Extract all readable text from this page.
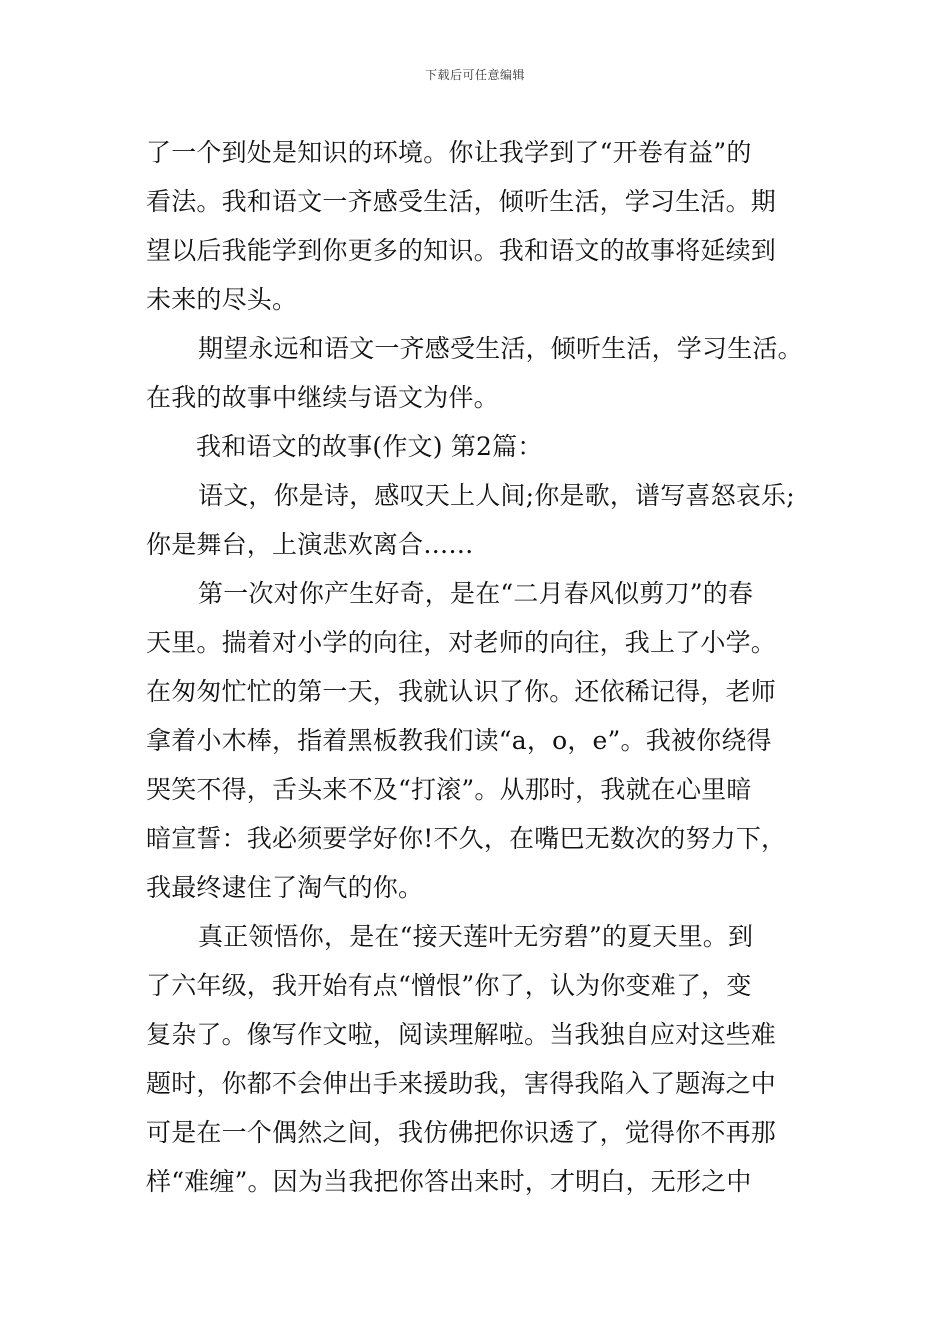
下载后可任意编辑
了一个到处是知识的环境。你让我学到了“开卷有益”的
看法。我和语文一齐感受生活，倾听生活，学习生活。期
望以后我能学到你更多的知识。我和语文的故事将延续到
未来的尽头。
期望永远和语文一齐感受生活，倾听生活，学习生活。
在我的故事中继续与语文为伴。
我和语文的故事(作文) 第2篇：
语文，你是诗，感叹天上人间;你是歌，谱写喜怒哀乐;
你是舞台，上演悲欢离合……
第一次对你产生好奇，是在“二月春风似剪刀”的春
天里。揣着对小学的向往，对老师的向往，我上了小学。
在匆匆忙忙的第一天，我就认识了你。还依稀记得，老师
拿着小木棒，指着黑板教我们读“a，o，e”。我被你绕得
哭笑不得，舌头来不及“打滚”。从那时，我就在心里暗
暗宣誓：我必须要学好你!不久，在嘴巴无数次的努力下，
我最终逮住了淘气的你。
真正领悟你，是在“接天莲叶无穷碧”的夏天里。到
了六年级，我开始有点“憎恨”你了，认为你变难了，变
复杂了。像写作文啦，阅读理解啦。当我独自应对这些难
题时，你都不会伸出手来援助我，害得我陷入了题海之中
可是在一个偶然之间，我仿佛把你识透了，觉得你不再那
样“难缠”。因为当我把你答出来时，才明白，无形之中
